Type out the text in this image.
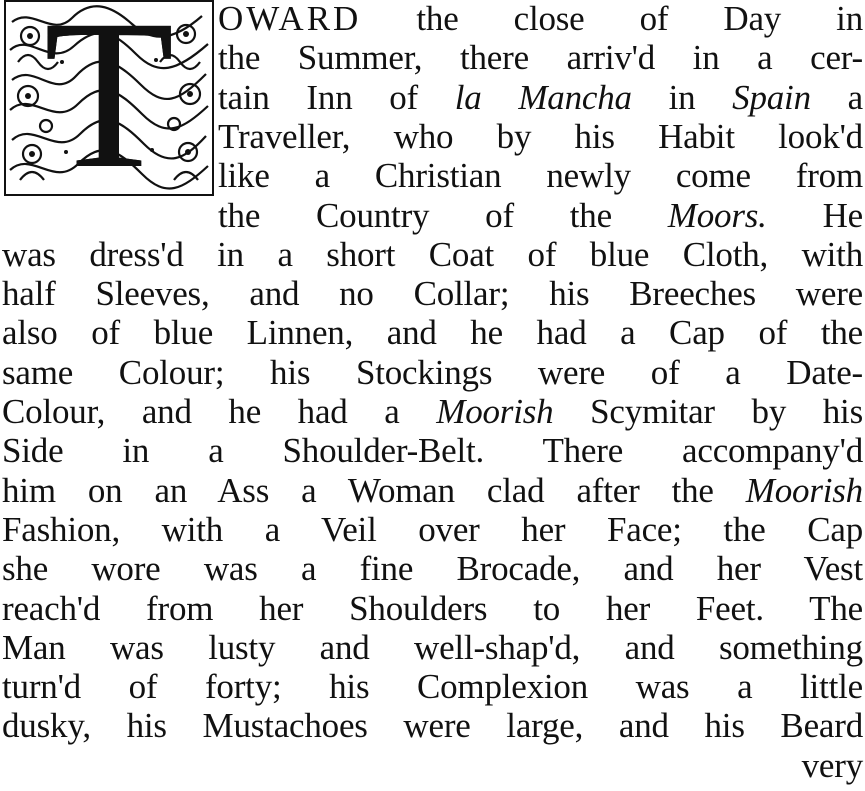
T	OWARD the close of Day in
the Summer, there arriv'd in a cer-
tain Inn of la Mancha in Spain a
Traveller, who by his Habit look'd
like a Christian newly come from
the Country of the Moors. He
was dress'd in a short Coat of blue Cloth, with
half Sleeves, and no Collar; his Breeches were
also of blue Linnen, and he had a Cap of the
same Colour; his Stockings were of a Date-
Colour, and he had a Moorish Scymitar by his
Side in a Shoulder-Belt. There accompany'd
him on an Ass a Woman clad after the Moorish
Fashion, with a Veil over her Face; the Cap
she wore was a fine Brocade, and her Vest
reach'd from her Shoulders to her Feet. The
Man was lusty and well-shap'd, and something
turn'd of forty; his Complexion was a little
dusky, his Mustachoes were large, and his Beard
very
